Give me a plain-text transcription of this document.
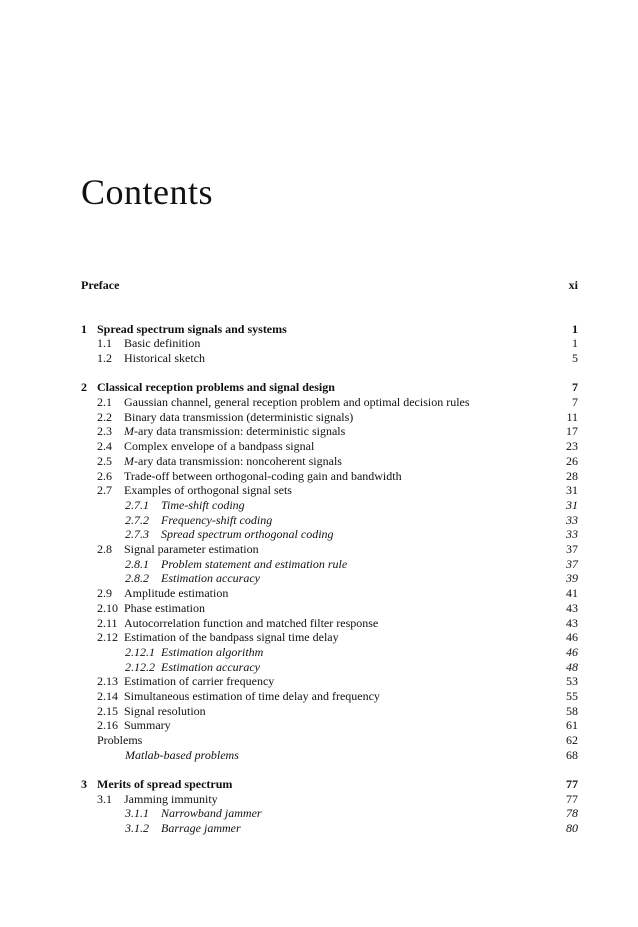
Contents
Preface	xi
1 Spread spectrum signals and systems	1
1.1 Basic definition	1
1.2 Historical sketch	5
2 Classical reception problems and signal design	7
2.1 Gaussian channel, general reception problem and optimal decision rules	7
2.2 Binary data transmission (deterministic signals)	11
2.3 M-ary data transmission: deterministic signals	17
2.4 Complex envelope of a bandpass signal	23
2.5 M-ary data transmission: noncoherent signals	26
2.6 Trade-off between orthogonal-coding gain and bandwidth	28
2.7 Examples of orthogonal signal sets	31
2.7.1 Time-shift coding	31
2.7.2 Frequency-shift coding	33
2.7.3 Spread spectrum orthogonal coding	33
2.8 Signal parameter estimation	37
2.8.1 Problem statement and estimation rule	37
2.8.2 Estimation accuracy	39
2.9 Amplitude estimation	41
2.10 Phase estimation	43
2.11 Autocorrelation function and matched filter response	43
2.12 Estimation of the bandpass signal time delay	46
2.12.1 Estimation algorithm	46
2.12.2 Estimation accuracy	48
2.13 Estimation of carrier frequency	53
2.14 Simultaneous estimation of time delay and frequency	55
2.15 Signal resolution	58
2.16 Summary	61
Problems	62
Matlab-based problems	68
3 Merits of spread spectrum	77
3.1 Jamming immunity	77
3.1.1 Narrowband jammer	78
3.1.2 Barrage jammer	80
